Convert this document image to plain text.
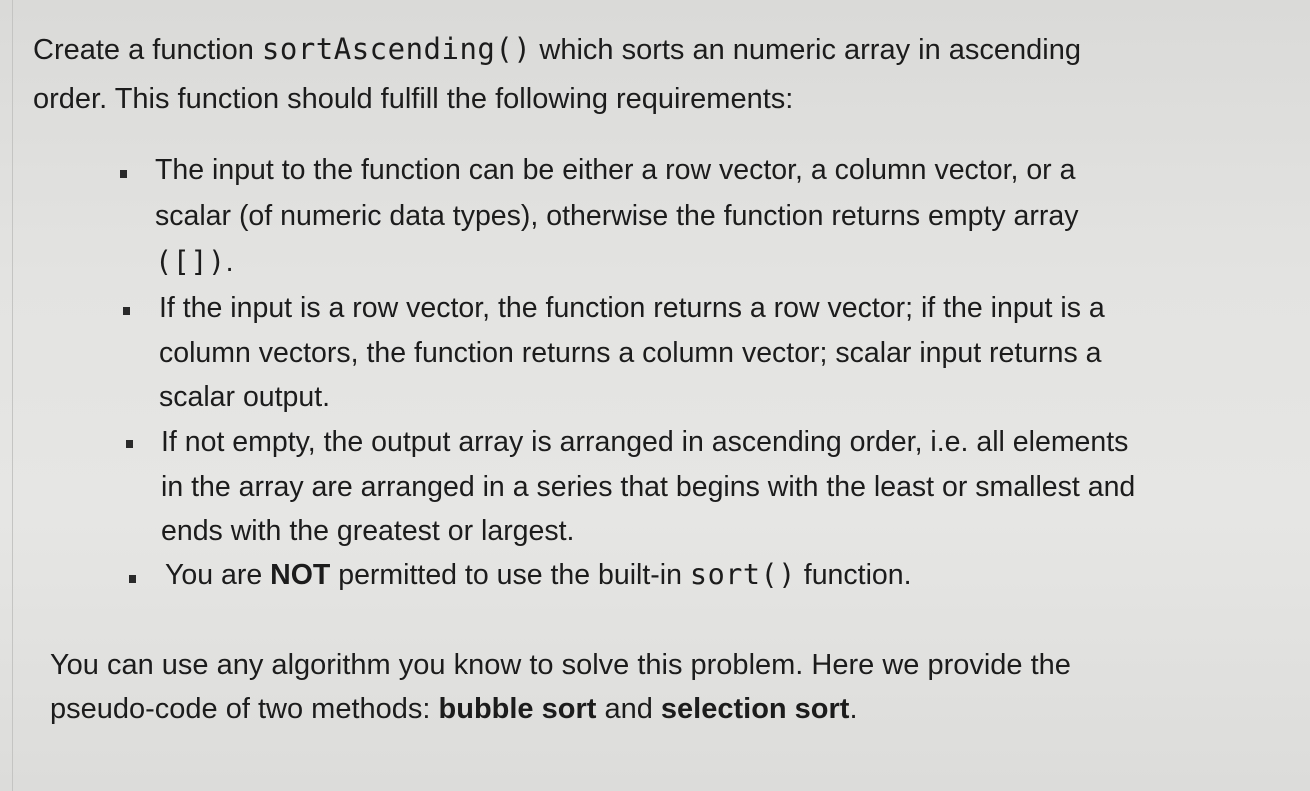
Create a function sortAscending() which sorts an numeric array in ascending
order. This function should fulfill the following requirements:
The input to the function can be either a row vector, a column vector, or a
scalar (of numeric data types), otherwise the function returns empty array
([]).
If the input is a row vector, the function returns a row vector; if the input is a
column vectors, the function returns a column vector; scalar input returns a
scalar output.
If not empty, the output array is arranged in ascending order, i.e. all elements
in the array are arranged in a series that begins with the least or smallest and
ends with the greatest or largest.
You are NOT permitted to use the built-in sort() function.
You can use any algorithm you know to solve this problem. Here we provide the
pseudo-code of two methods: bubble sort and selection sort.
